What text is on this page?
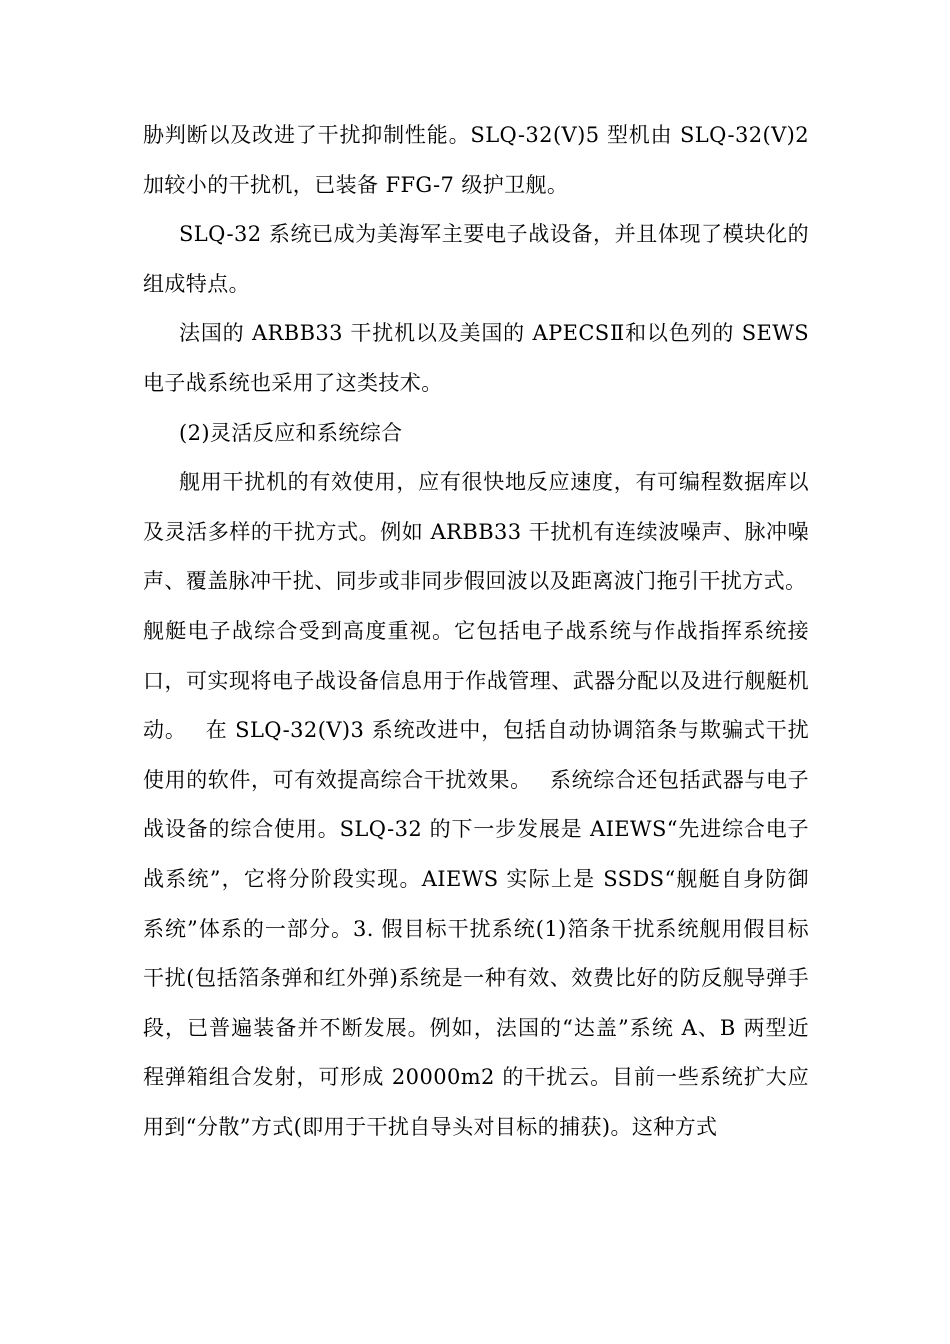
胁判断以及改进了干扰抑制性能。SLQ-32(V)5 型机由 SLQ-32(V)2 加较小的干扰机，已装备 FFG-7 级护卫舰。

SLQ-32 系统已成为美海军主要电子战设备，并且体现了模块化的组成特点。

法国的 ARBB33 干扰机以及美国的 APECSⅡ和以色列的 SEWS 电子战系统也采用了这类技术。

(2)灵活反应和系统综合

舰用干扰机的有效使用，应有很快地反应速度，有可编程数据库以及灵活多样的干扰方式。例如 ARBB33 干扰机有连续波噪声、脉冲噪声、覆盖脉冲干扰、同步或非同步假回波以及距离波门拖引干扰方式。

舰艇电子战综合受到高度重视。它包括电子战系统与作战指挥系统接口，可实现将电子战设备信息用于作战管理、武器分配以及进行舰艇机动。　 在 SLQ-32(V)3 系统改进中，包括自动协调箔条与欺骗式干扰使用的软件，可有效提高综合干扰效果。　 系统综合还包括武器与电子战设备的综合使用。SLQ-32 的下一步发展是 AIEWS“先进综合电子战系统”，它将分阶段实现。AIEWS 实际上是 SSDS“舰艇自身防御系统”体系的一部分。3. 假目标干扰系统(1)箔条干扰系统舰用假目标干扰(包括箔条弹和红外弹)系统是一种有效、效费比好的防反舰导弹手段，已普遍装备并不断发展。例如，法国的“达盖”系统 A、B 两型近程弹箱组合发射，可形成 20000m2 的干扰云。目前一些系统扩大应用到“分散”方式(即用于干扰自导头对目标的捕获)。这种方式
